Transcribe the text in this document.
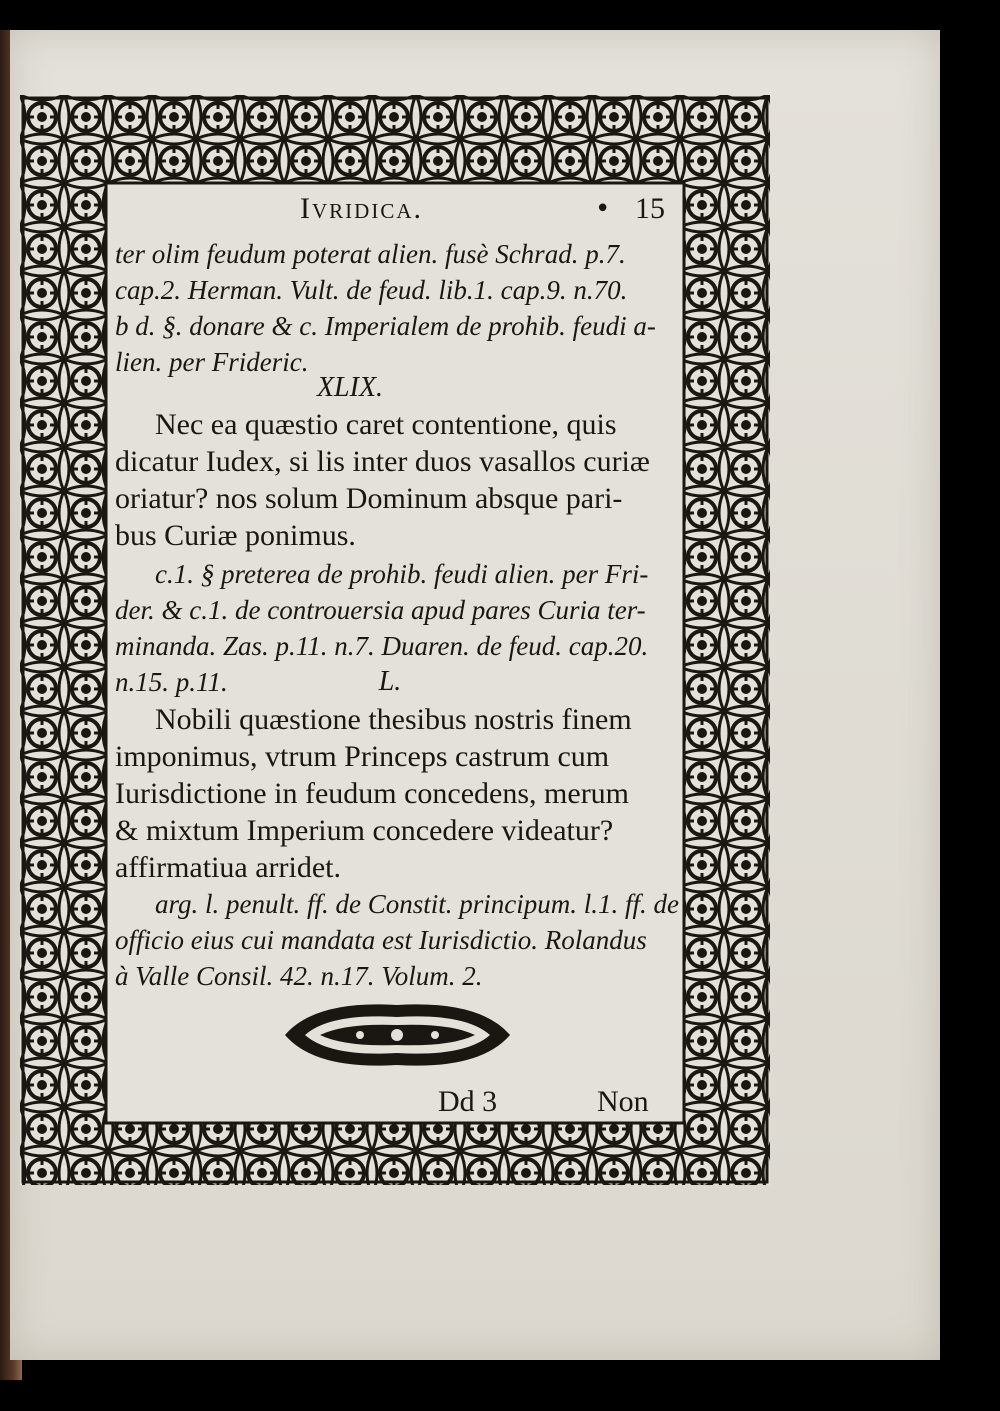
Ivridica.	• 15
ter olim feudum poterat alien. fusè Schrad. p.7.
cap.2. Herman. Vult. de feud. lib.1. cap.9. n.70.
b d. §. donare & c. Imperialem de prohib. feudi a-
lien. per Frideric.
XLIX.
Nec ea quæstio caret contentione, quis
dicatur Iudex, si lis inter duos vasallos curiæ
oriatur? nos solum Dominum absque pari-
bus Curiæ ponimus.
c.1. § preterea de prohib. feudi alien. per Fri-
der. & c.1. de controuersia apud pares Curia ter-
minanda. Zas. p.11. n.7. Duaren. de feud. cap.20.
n.15. p.11.	L.
Nobili quæstione thesibus nostris finem
imponimus, vtrum Princeps castrum cum
Iurisdictione in feudum concedens, merum
& mixtum Imperium concedere videatur?
affirmatiua arridet.
arg. l. penult. ff. de Constit. principum. l.1. ff. de
officio eius cui mandata est Iurisdictio. Rolandus
à Valle Consil. 42. n.17. Volum. 2.
Dd 3	Non
